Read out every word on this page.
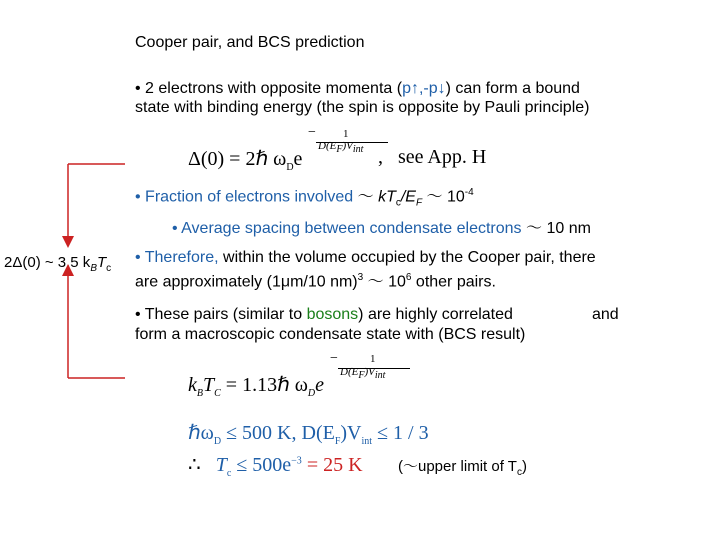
Cooper pair, and BCS prediction
• 2 electrons with opposite momenta (p↑,-p↓) can form a bound
state with binding energy (the spin is opposite by Pauli principle)
Δ(0) = 2ℏ $\omega_De$
1
$D(E_F)V_{int}$
−
, see App. H
• Fraction of electrons involved ～ $kT_c/E_F$ ～ $10^{-4}$
• Average spacing between condensate electrons ～ 10 nm
2Δ(0) ~ 3.5 $k_BT_c$
• Therefore, within the volume occupied by the Cooper pair, there
are approximately (1μm/10 nm)$^3$ ～ $10^6$ other pairs.
• These pairs (similar to bosons) are highly correlated	and
form a macroscopic condensate state with (BCS result)
$k_BT_C$ = 1.13ℏ $\omega_De$
1
$D(E_F)V_{int}$
−
ℏω$_D$ ≤ 500 K, $D(E_F)V_{int} \le 1 / 3$
∴ $T_c \le 500e^{-3} = 25$ K (～upper limit of $T_c$)
